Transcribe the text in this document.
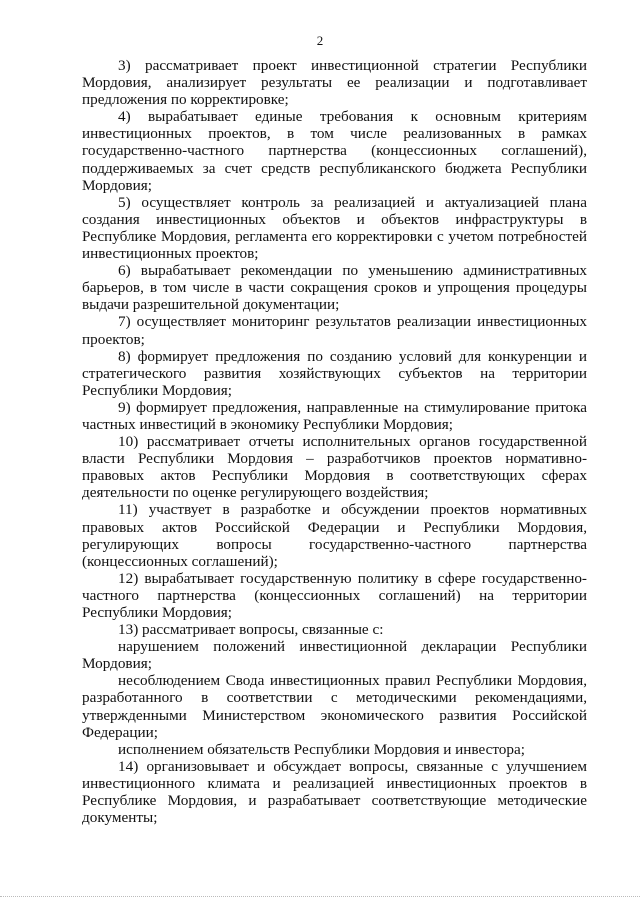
2

3) рассматривает проект инвестиционной стратегии Республики Мордовия, анализирует результаты ее реализации и подготавливает предложения по корректировке;

4) вырабатывает единые требования к основным критериям инвестиционных проектов, в том числе реализованных в рамках государственно-частного партнерства (концессионных соглашений), поддерживаемых за счет средств республиканского бюджета Республики Мордовия;

5) осуществляет контроль за реализацией и актуализацией плана создания инвестиционных объектов и объектов инфраструктуры в Республике Мордовия, регламента его корректировки с учетом потребностей инвестиционных проектов;

6) вырабатывает рекомендации по уменьшению административных барьеров, в том числе в части сокращения сроков и упрощения процедуры выдачи разрешительной документации;

7) осуществляет мониторинг результатов реализации инвестиционных проектов;

8) формирует предложения по созданию условий для конкуренции и стратегического развития хозяйствующих субъектов на территории Республики Мордовия;

9) формирует предложения, направленные на стимулирование притока частных инвестиций в экономику Республики Мордовия;

10) рассматривает отчеты исполнительных органов государственной власти Республики Мордовия – разработчиков проектов нормативно-правовых актов Республики Мордовия в соответствующих сферах деятельности по оценке регулирующего воздействия;

11) участвует в разработке и обсуждении проектов нормативных правовых актов Российской Федерации и Республики Мордовия, регулирующих вопросы государственно-частного партнерства (концессионных соглашений);

12) вырабатывает государственную политику в сфере государственно-частного партнерства (концессионных соглашений) на территории Республики Мордовия;

13) рассматривает вопросы, связанные с:

нарушением положений инвестиционной декларации Республики Мордовия;

несоблюдением Свода инвестиционных правил Республики Мордовия, разработанного в соответствии с методическими рекомендациями, утвержденными Министерством экономического развития Российской Федерации;

исполнением обязательств Республики Мордовия и инвестора;

14) организовывает и обсуждает вопросы, связанные с улучшением инвестиционного климата и реализацией инвестиционных проектов в Республике Мордовия, и разрабатывает соответствующие методические документы;
